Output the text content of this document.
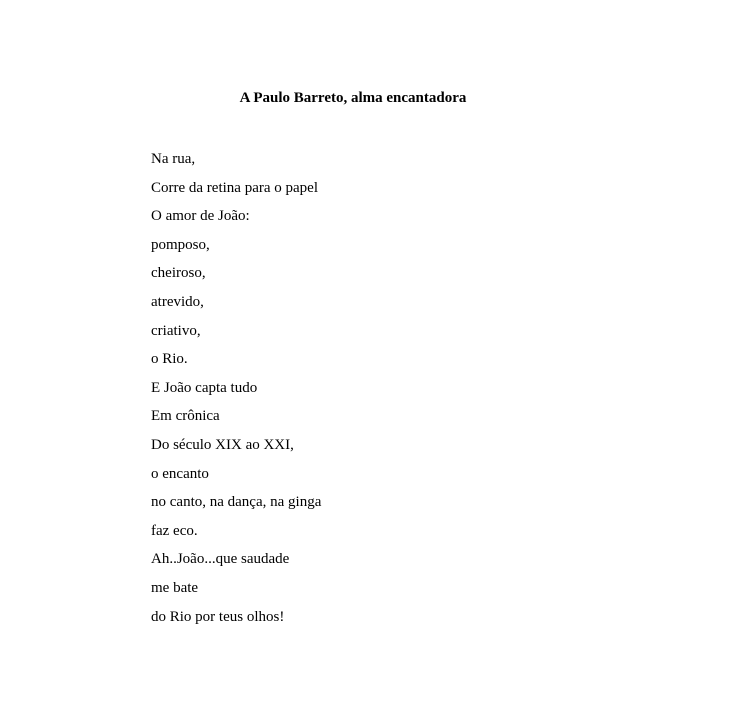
A Paulo Barreto, alma encantadora
Na rua,
Corre da retina para o papel
O amor de João:
pomposo,
cheiroso,
atrevido,
criativo,
o Rio.
E João capta tudo
Em crônica
Do século XIX ao XXI,
o encanto
no canto, na dança, na ginga
faz eco.
Ah..João...que saudade
me bate
do Rio por teus olhos!
